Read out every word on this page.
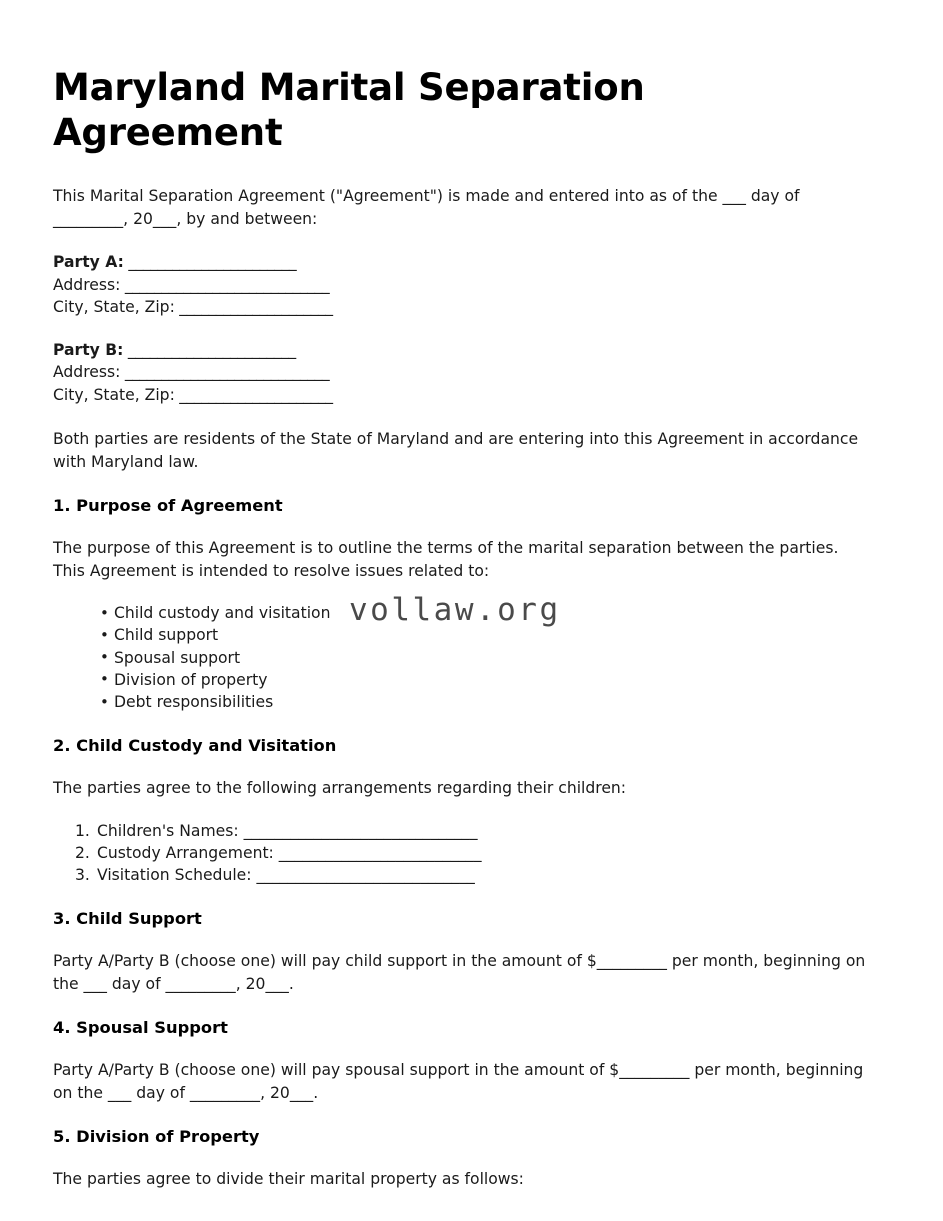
Maryland Marital Separation Agreement

This Marital Separation Agreement ("Agreement") is made and entered into as of the ___ day of _________, 20___, by and between:

Party A: _______________________
Address: ____________________________
City, State, Zip: _____________________
Party B: _______________________
Address: ____________________________
City, State, Zip: _____________________

Both parties are residents of the State of Maryland and are entering into this Agreement in accordance with Maryland law.

1. Purpose of Agreement

The purpose of this Agreement is to outline the terms of the marital separation between the parties. This Agreement is intended to resolve issues related to:

• Child custody and visitation
• Child support
• Spousal support
• Division of property
• Debt responsibilities
2. Child Custody and Visitation

The parties agree to the following arrangements regarding their children:

Children's Names: ______________________________
Custody Arrangement: __________________________
Visitation Schedule: ____________________________
3. Child Support

Party A/Party B (choose one) will pay child support in the amount of $_________ per month, beginning on the ___ day of _________, 20___.

4. Spousal Support

Party A/Party B (choose one) will pay spousal support in the amount of $_________ per month, beginning on the ___ day of _________, 20___.

5. Division of Property

The parties agree to divide their marital property as follows:

vollaw.org
